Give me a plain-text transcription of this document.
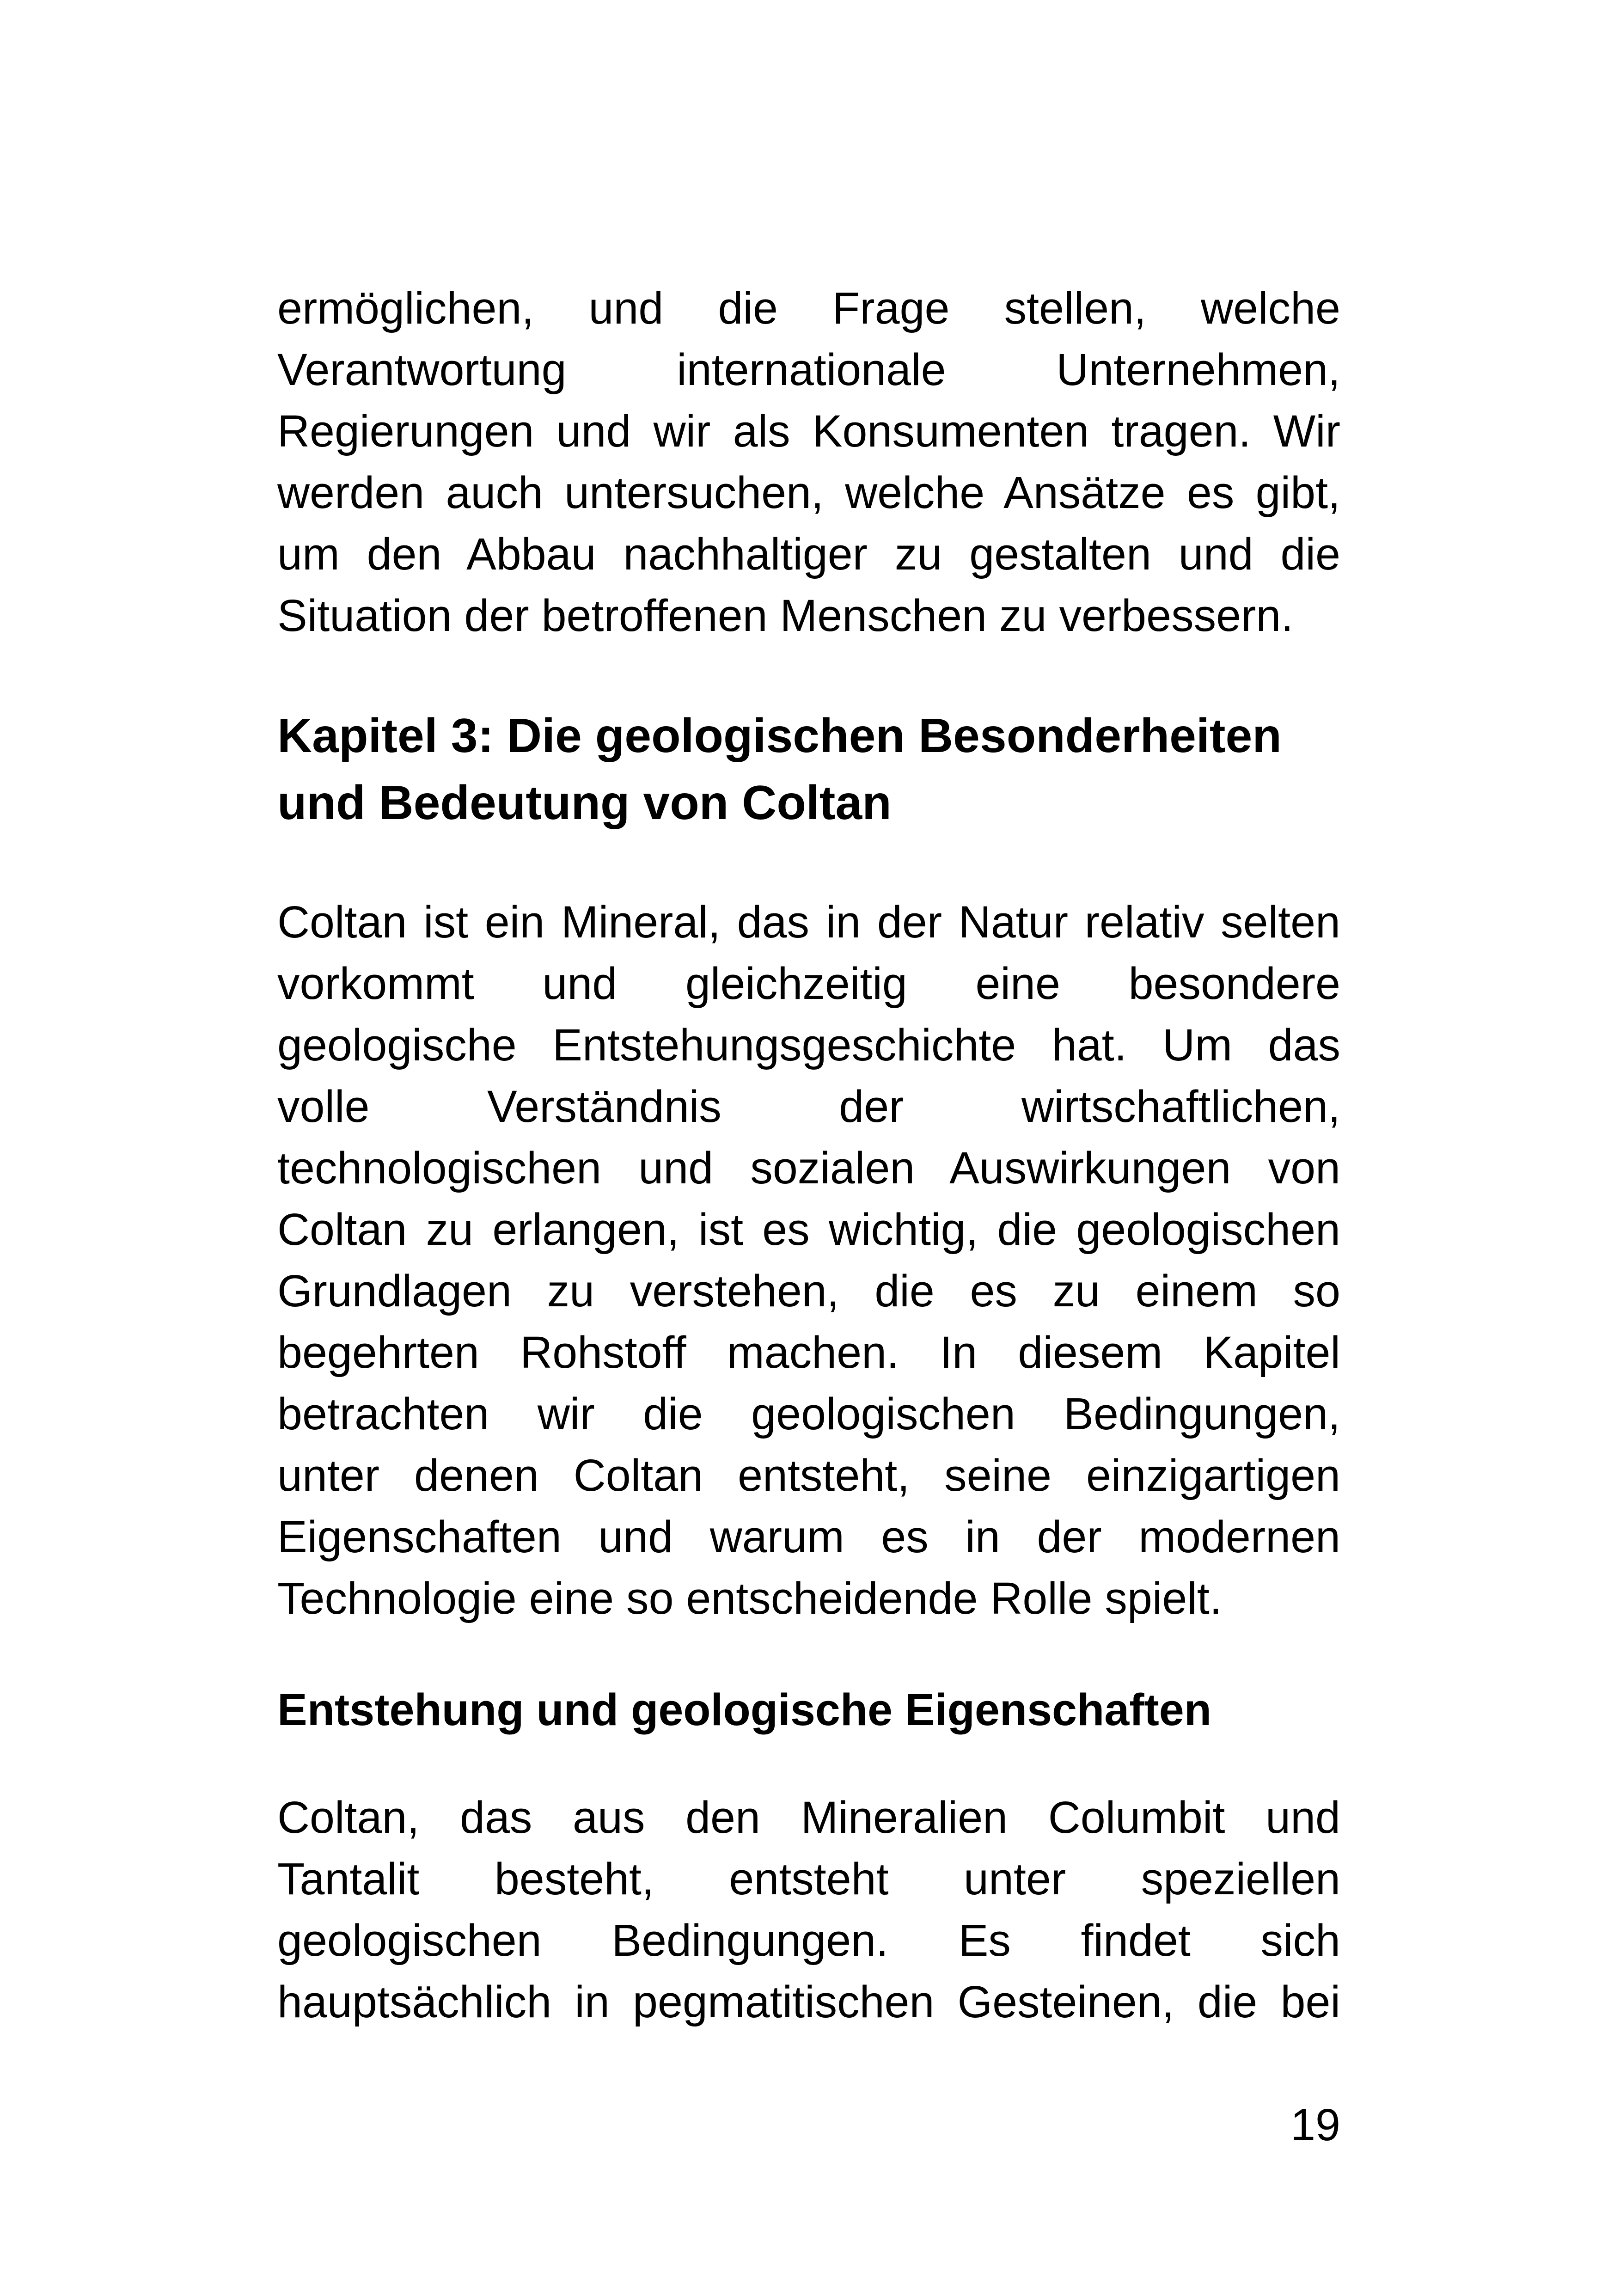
ermöglichen, und die Frage stellen, welche
Verantwortung internationale Unternehmen,
Regierungen und wir als Konsumenten tragen. Wir
werden auch untersuchen, welche Ansätze es gibt,
um den Abbau nachhaltiger zu gestalten und die
Situation der betroffenen Menschen zu verbessern.
Kapitel 3: Die geologischen Besonderheiten
und Bedeutung von Coltan
Coltan ist ein Mineral, das in der Natur relativ selten
vorkommt und gleichzeitig eine besondere
geologische Entstehungsgeschichte hat. Um das
volle Verständnis der wirtschaftlichen,
technologischen und sozialen Auswirkungen von
Coltan zu erlangen, ist es wichtig, die geologischen
Grundlagen zu verstehen, die es zu einem so
begehrten Rohstoff machen. In diesem Kapitel
betrachten wir die geologischen Bedingungen,
unter denen Coltan entsteht, seine einzigartigen
Eigenschaften und warum es in der modernen
Technologie eine so entscheidende Rolle spielt.
Entstehung und geologische Eigenschaften
Coltan, das aus den Mineralien Columbit und
Tantalit besteht, entsteht unter speziellen
geologischen Bedingungen. Es findet sich
hauptsächlich in pegmatitischen Gesteinen, die bei
19
